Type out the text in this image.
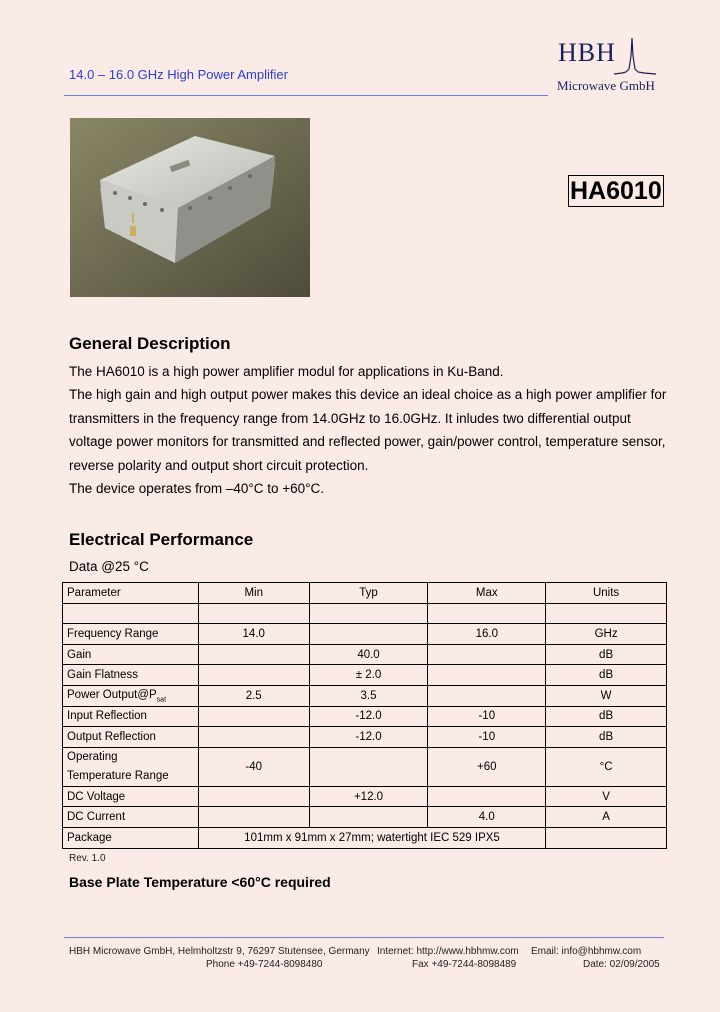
14.0 – 16.0 GHz High Power Amplifier
HBH
Microwave GmbH
HA6010
General Description

The HA6010 is a high power amplifier modul for applications in Ku-Band.

The high gain and high output power makes this device an ideal choice as a high power amplifier for transmitters in the frequency range from 14.0GHz to 16.0GHz. It inludes two differential output voltage power monitors for transmitted and reflected power, gain/power control, temperature sensor, reverse polarity and output short circuit protection.

The device operates from –40°C to +60°C.

Electrical Performance
Data @25 °C
Parameter	Min	Typ	Max	Units

Frequency Range	14.0		16.0	GHz
Gain		40.0		dB
Gain Flatness		± 2.0		dB
Power $Output@P_{sat}$	2.5	3.5		W
Input Reflection		-12.0	-10	dB
Output Reflection		-12.0	-10	dB
Operating
Temperature Range	-40		+60	°C
DC Voltage		+12.0		V
DC Current			4.0	A
Package	101mm x 91mm x 27mm; watertight IEC 529 IPX5			
Rev. 1.0
Base Plate Temperature <60°C required
HBH Microwave GmbH, Helmholtzstr 9, 76297 Stutensee, Germany Internet: http://www.hbhmw.com Email: info@hbhmw.com
Phone +49-7244-8098480	Fax +49-7244-8098489	Date: 02/09/2005
